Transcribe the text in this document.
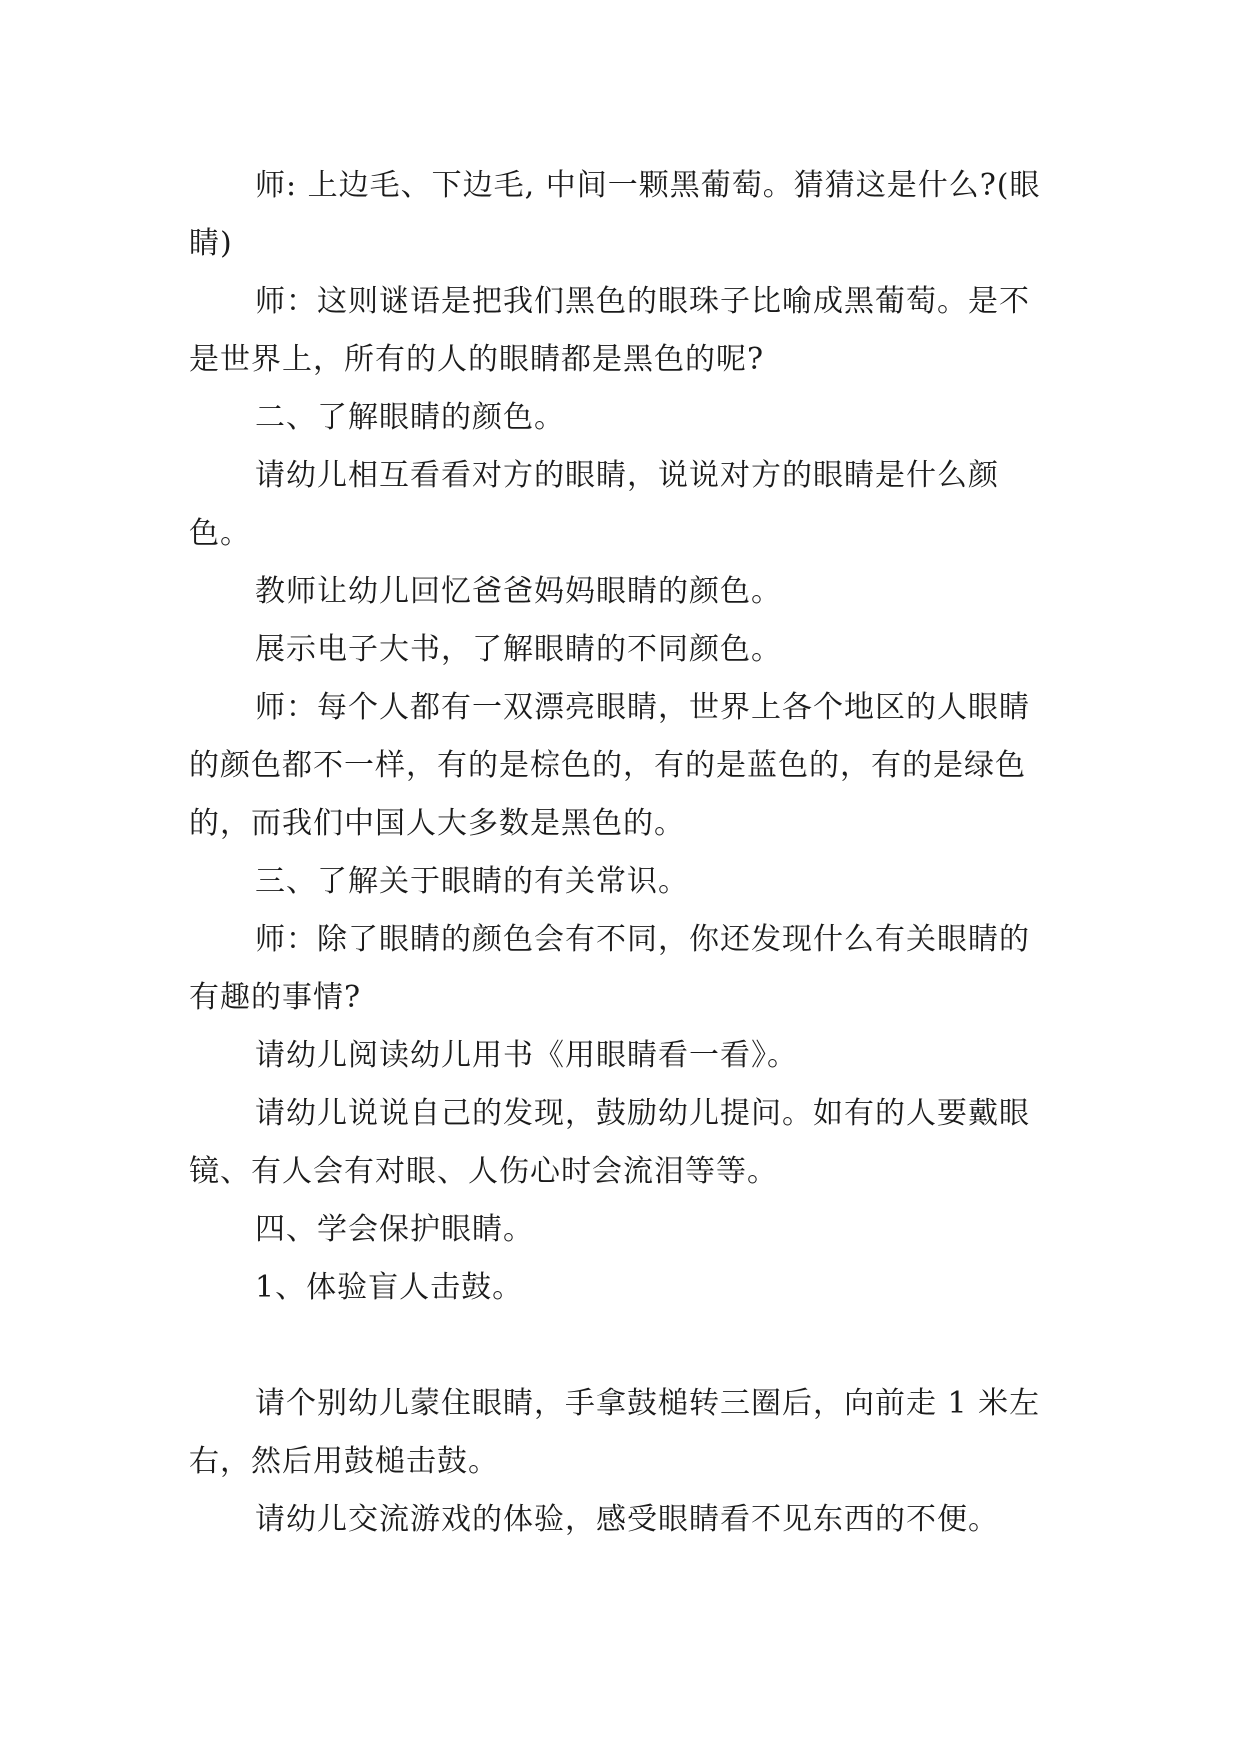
师: 上边毛、下边毛, 中间一颗黑葡萄。猜猜这是什么?(眼睛)

师：这则谜语是把我们黑色的眼珠子比喻成黑葡萄。是不是世界上，所有的人的眼睛都是黑色的呢?

二、了解眼睛的颜色。

请幼儿相互看看对方的眼睛，说说对方的眼睛是什么颜色。

教师让幼儿回忆爸爸妈妈眼睛的颜色。

展示电子大书，了解眼睛的不同颜色。

师：每个人都有一双漂亮眼睛，世界上各个地区的人眼睛的颜色都不一样，有的是棕色的，有的是蓝色的，有的是绿色的，而我们中国人大多数是黑色的。

三、了解关于眼睛的有关常识。

师：除了眼睛的颜色会有不同，你还发现什么有关眼睛的有趣的事情?

请幼儿阅读幼儿用书《用眼睛看一看》。

请幼儿说说自己的发现，鼓励幼儿提问。如有的人要戴眼镜、有人会有对眼、人伤心时会流泪等等。

四、学会保护眼睛。

1、体验盲人击鼓。

请个别幼儿蒙住眼睛，手拿鼓槌转三圈后，向前走 1 米左右，然后用鼓槌击鼓。

请幼儿交流游戏的体验，感受眼睛看不见东西的不便。
